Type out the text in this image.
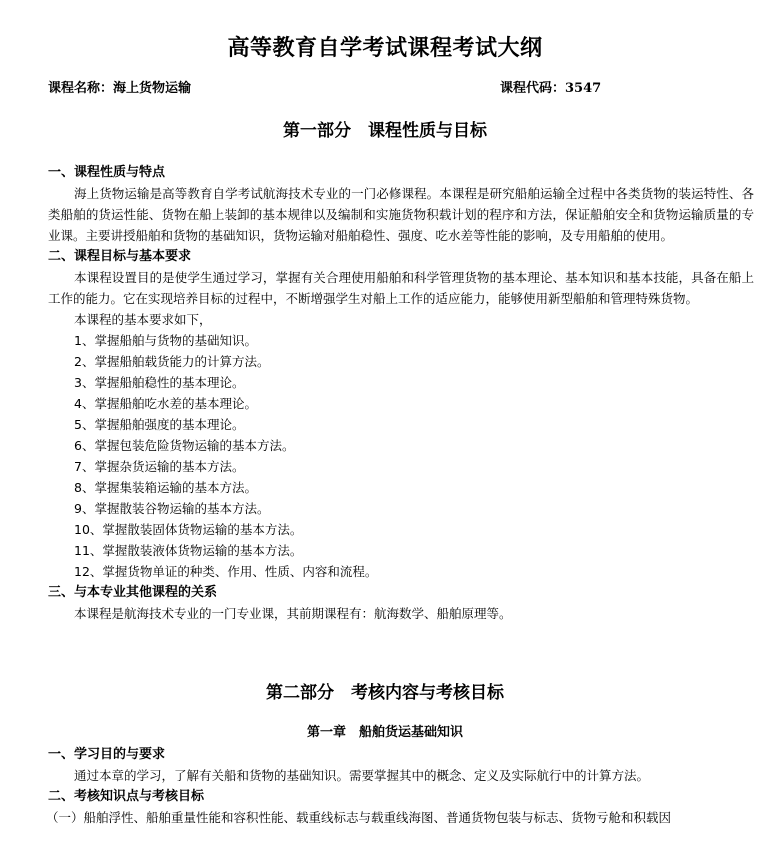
高等教育自学考试课程考试大纲
课程名称：海上货物运输	课程代码：3547
第一部分　课程性质与目标
一、课程性质与特点

海上货物运输是高等教育自学考试航海技术专业的一门必修课程。本课程是研究船舶运输全过程中各类货物的装运特性、各类船舶的货运性能、货物在船上装卸的基本规律以及编制和实施货物积载计划的程序和方法，保证船舶安全和货物运输质量的专业课。主要讲授船舶和货物的基础知识，货物运输对船舶稳性、强度、吃水差等性能的影响，及专用船舶的使用。

二、课程目标与基本要求

本课程设置目的是使学生通过学习，掌握有关合理使用船舶和科学管理货物的基本理论、基本知识和基本技能，具备在船上工作的能力。它在实现培养目标的过程中，不断增强学生对船上工作的适应能力，能够使用新型船舶和管理特殊货物。

本课程的基本要求如下，
1、掌握船舶与货物的基础知识。
2、掌握船舶载货能力的计算方法。
3、掌握船舶稳性的基本理论。
4、掌握船舶吃水差的基本理论。
5、掌握船舶强度的基本理论。
6、掌握包装危险货物运输的基本方法。
7、掌握杂货运输的基本方法。
8、掌握集装箱运输的基本方法。
9、掌握散装谷物运输的基本方法。
10、掌握散装固体货物运输的基本方法。
11、掌握散装液体货物运输的基本方法。
12、掌握货物单证的种类、作用、性质、内容和流程。
三、与本专业其他课程的关系

本课程是航海技术专业的一门专业课，其前期课程有：航海数学、船舶原理等。

第二部分　考核内容与考核目标
第一章　船舶货运基础知识
一、学习目的与要求

通过本章的学习，了解有关船和货物的基础知识。需要掌握其中的概念、定义及实际航行中的计算方法。

二、考核知识点与考核目标
（一）船舶浮性、船舶重量性能和容积性能、载重线标志与载重线海图、普通货物包装与标志、货物亏舱和积载因
